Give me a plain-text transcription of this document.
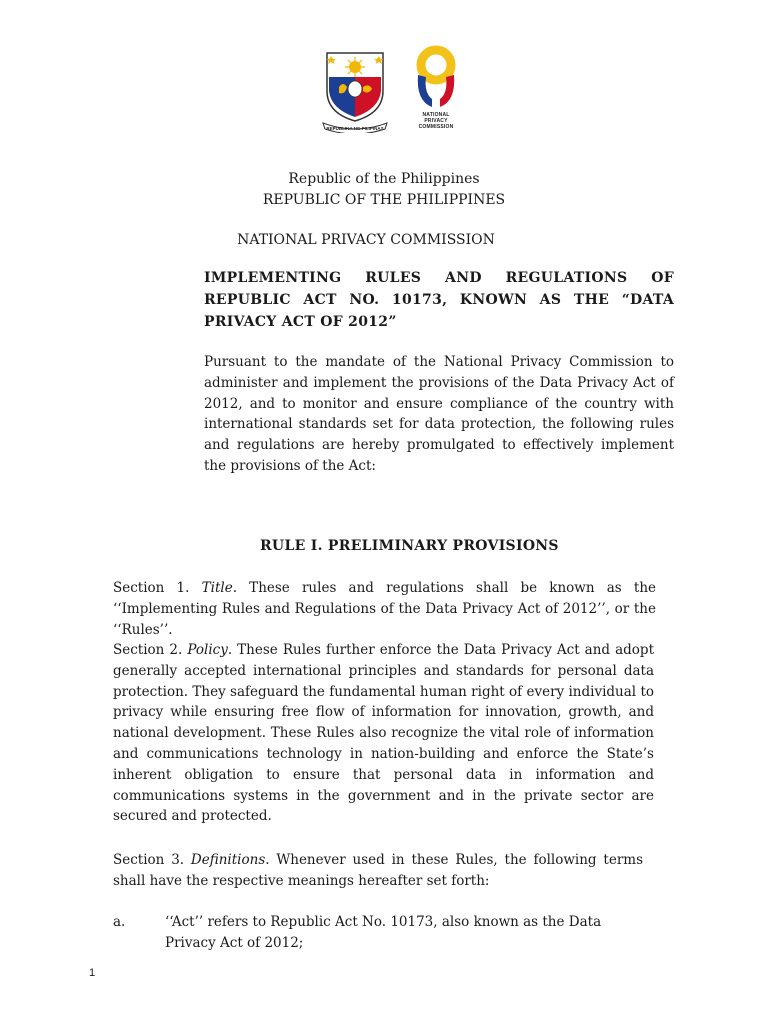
REPUBLIKA NG PILIPINAS
NATIONAL
PRIVACY
COMMISSION
Republic of the Philippines
REPUBLIC OF THE PHILIPPINES
NATIONAL PRIVACY COMMISSION
IMPLEMENTING RULES AND REGULATIONS OF REPUBLIC ACT NO. 10173, KNOWN AS THE “DATA PRIVACY ACT OF 2012”
Pursuant to the mandate of the National Privacy Commission to administer and implement the provisions of the Data Privacy Act of 2012, and to monitor and ensure compliance of the country with international standards set for data protection, the following rules and regulations are hereby promulgated to effectively implement the provisions of the Act:
RULE I. PRELIMINARY PROVISIONS
Section 1. Title. These rules and regulations shall be known as the ‘‘Implementing Rules and Regulations of the Data Privacy Act of 2012’’, or the ‘‘Rules’’.
Section 2. Policy. These Rules further enforce the Data Privacy Act and adopt generally accepted international principles and standards for personal data protection. They safeguard the fundamental human right of every individual to privacy while ensuring free flow of information for innovation, growth, and national development. These Rules also recognize the vital role of information and communications technology in nation-building and enforce the State’s inherent obligation to ensure that personal data in information and communications systems in the government and in the private sector are secured and protected.
Section 3. Definitions. Whenever used in these Rules, the following terms shall have the respective meanings hereafter set forth:
a.	‘‘Act’’ refers to Republic Act No. 10173, also known as the Data Privacy Act of 2012;
1
